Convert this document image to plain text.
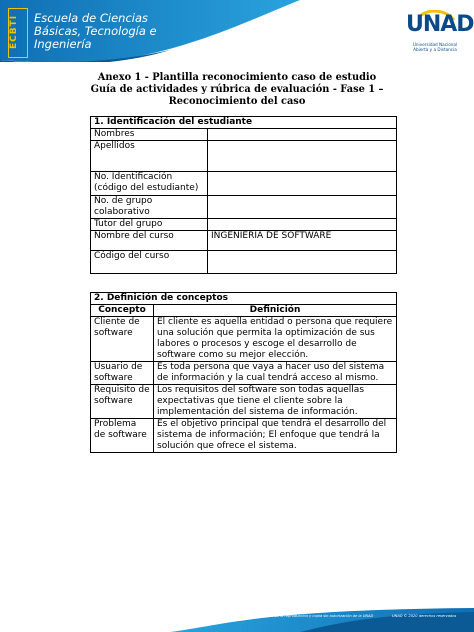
ECBTI	Escuela de Ciencias
Básicas, Tecnología e
Ingeniería
UNAD
Universidad Nacional
Abierta y a Distancia
Anexo 1 - Plantilla reconocimiento caso de estudio
Guía de actividades y rúbrica de evaluación - Fase 1 –
Reconocimiento del caso
1. Identificación del estudiante	
Nombres	
Apellidos	
No. Identificación (código del estudiante)	
No. de grupo colaborativo	
Tutor del grupo	
Nombre del curso	INGENIERIA DE SOFTWARE
Código del curso	
2. Definición de conceptos	
Concepto	Definición
Cliente de software	El cliente es aquella entidad o persona que requiere una solución que permita la optimización de sus labores o procesos y escoge el desarrollo de software como su mejor elección.
Usuario de software	Es toda persona que vaya a hacer uso del sistema de información y la cual tendrá acceso al mismo.
Requisito de software	Los requisitos del software son todas aquellas expectativas que tiene el cliente sobre la implementación del sistema de información.
Problema de software	Es el objetivo principal que tendrá el desarrollo del sistema de información; El enfoque que tendrá la solución que ofrece el sistema.
Prohibida la reproducción y copia sin autorización de la UNAD	UNAD © 2020 derechos reservados
